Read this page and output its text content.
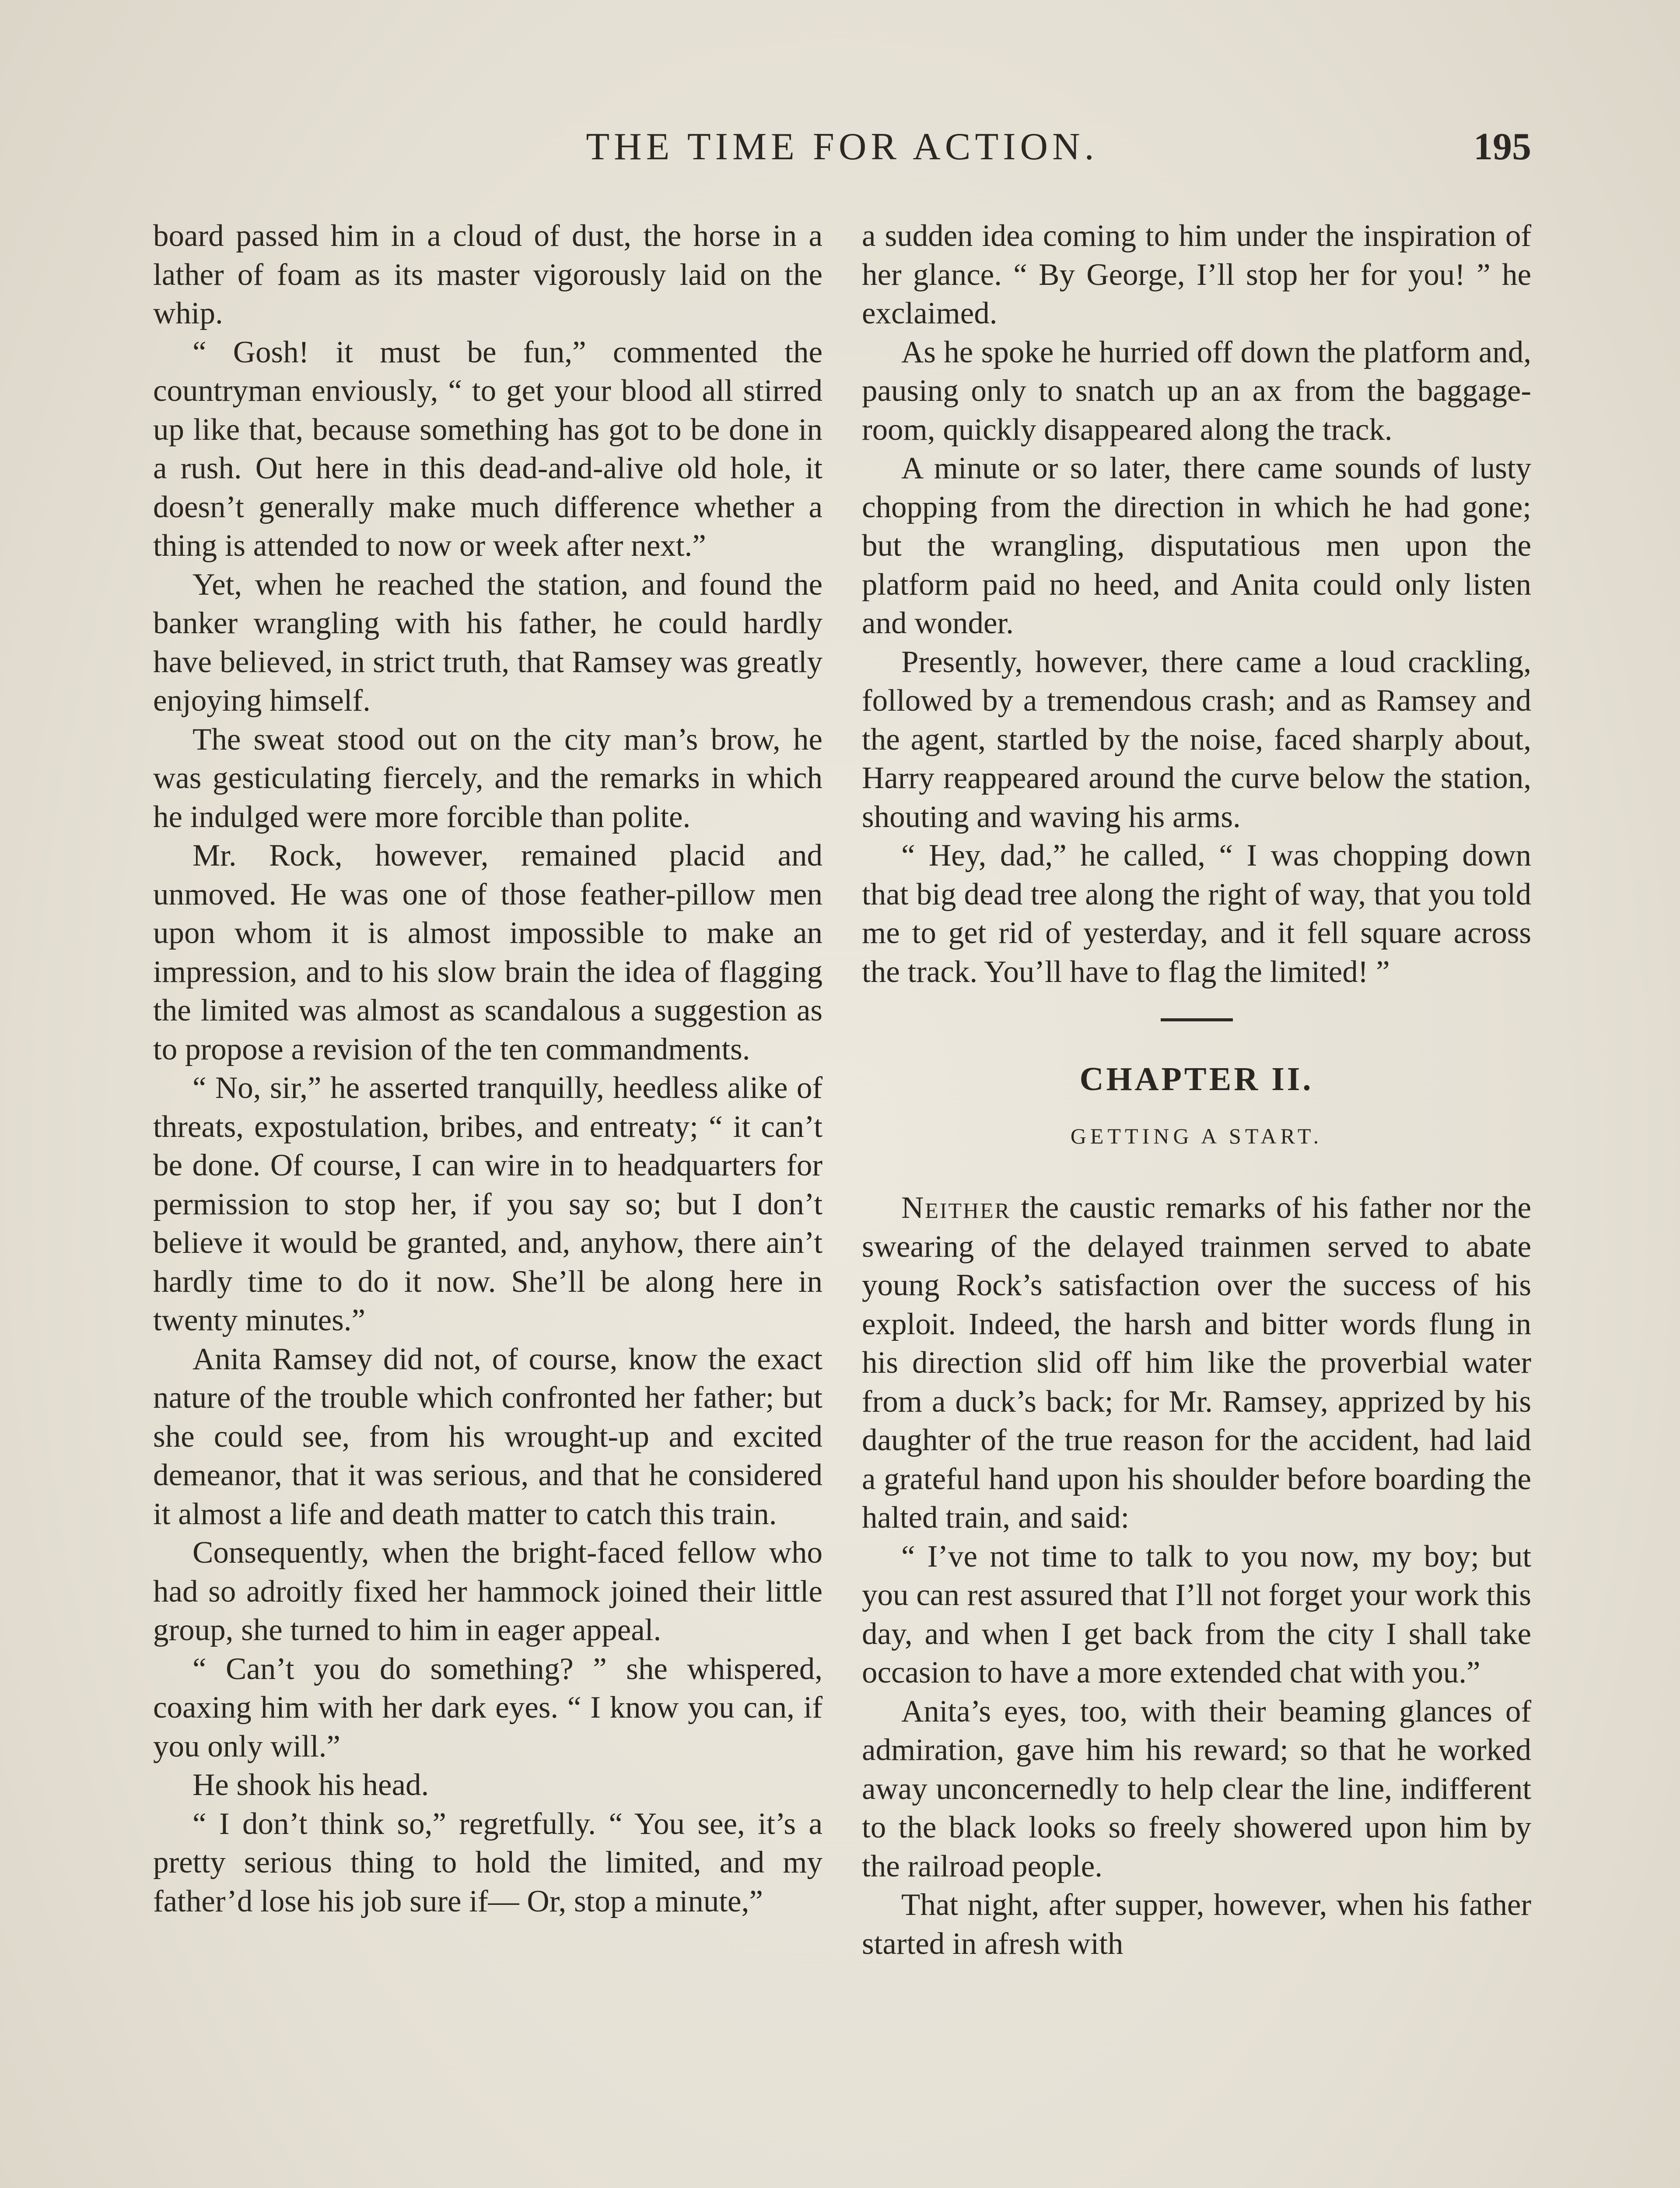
THE TIME FOR ACTION.	195

board passed him in a cloud of dust, the horse in a lather of foam as its master vigorously laid on the whip.

“ Gosh! it must be fun,” commented the countryman enviously, “ to get your blood all stirred up like that, because something has got to be done in a rush. Out here in this dead-and-alive old hole, it doesn’t generally make much difference whether a thing is attended to now or week after next.”

Yet, when he reached the station, and found the banker wrangling with his father, he could hardly have believed, in strict truth, that Ramsey was greatly enjoying himself.

The sweat stood out on the city man’s brow, he was gesticulating fiercely, and the remarks in which he indulged were more forcible than polite.

Mr. Rock, however, remained placid and unmoved. He was one of those feather-pillow men upon whom it is almost impossible to make an impression, and to his slow brain the idea of flagging the limited was almost as scandalous a suggestion as to propose a revision of the ten commandments.

“ No, sir,” he asserted tranquilly, heedless alike of threats, expostulation, bribes, and entreaty; “ it can’t be done. Of course, I can wire in to headquarters for permission to stop her, if you say so; but I don’t believe it would be granted, and, anyhow, there ain’t hardly time to do it now. She’ll be along here in twenty minutes.”

Anita Ramsey did not, of course, know the exact nature of the trouble which confronted her father; but she could see, from his wrought-up and excited demeanor, that it was serious, and that he considered it almost a life and death matter to catch this train.

Consequently, when the bright-faced fellow who had so adroitly fixed her hammock joined their little group, she turned to him in eager appeal.

“ Can’t you do something? ” she whispered, coaxing him with her dark eyes. “ I know you can, if you only will.”

He shook his head.

“ I don’t think so,” regretfully. “ You see, it’s a pretty serious thing to hold the limited, and my father’d lose his job sure if— Or, stop a minute,”

a sudden idea coming to him under the inspiration of her glance. “ By George, I’ll stop her for you! ” he exclaimed.

As he spoke he hurried off down the platform and, pausing only to snatch up an ax from the baggage-room, quickly disappeared along the track.

A minute or so later, there came sounds of lusty chopping from the direction in which he had gone; but the wrangling, disputatious men upon the platform paid no heed, and Anita could only listen and wonder.

Presently, however, there came a loud crackling, followed by a tremendous crash; and as Ramsey and the agent, startled by the noise, faced sharply about, Harry reappeared around the curve below the station, shouting and waving his arms.

“ Hey, dad,” he called, “ I was chopping down that big dead tree along the right of way, that you told me to get rid of yesterday, and it fell square across the track. You’ll have to flag the limited! ”

CHAPTER II.
GETTING A START.

Neither the caustic remarks of his father nor the swearing of the delayed trainmen served to abate young Rock’s satisfaction over the success of his exploit. Indeed, the harsh and bitter words flung in his direction slid off him like the proverbial water from a duck’s back; for Mr. Ramsey, apprized by his daughter of the true reason for the accident, had laid a grateful hand upon his shoulder before boarding the halted train, and said:

“ I’ve not time to talk to you now, my boy; but you can rest assured that I’ll not forget your work this day, and when I get back from the city I shall take occasion to have a more extended chat with you.”

Anita’s eyes, too, with their beaming glances of admiration, gave him his reward; so that he worked away unconcernedly to help clear the line, indifferent to the black looks so freely showered upon him by the railroad people.

That night, after supper, however, when his father started in afresh with
